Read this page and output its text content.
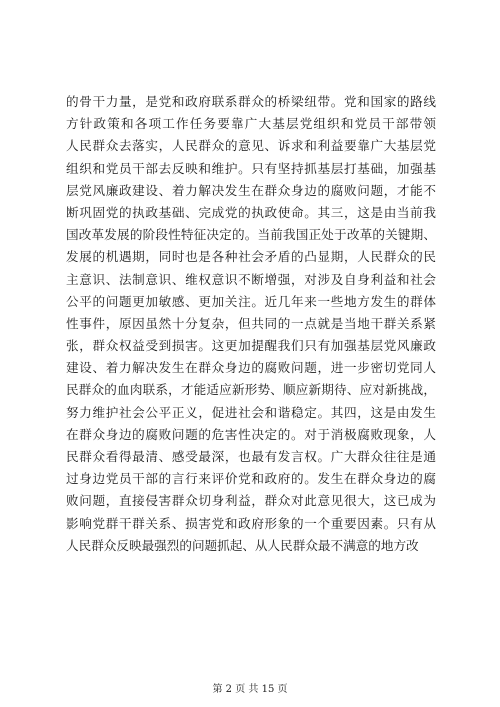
的骨干力量，是党和政府联系群众的桥梁纽带。党和国家的路线
方针政策和各项工作任务要靠广大基层党组织和党员干部带领
人民群众去落实，人民群众的意见、诉求和利益要靠广大基层党
组织和党员干部去反映和维护。只有坚持抓基层打基础，加强基
层党风廉政建设、着力解决发生在群众身边的腐败问题，才能不
断巩固党的执政基础、完成党的执政使命。其三，这是由当前我
国改革发展的阶段性特征决定的。当前我国正处于改革的关键期、
发展的机遇期，同时也是各种社会矛盾的凸显期，人民群众的民
主意识、法制意识、维权意识不断增强，对涉及自身利益和社会
公平的问题更加敏感、更加关注。近几年来一些地方发生的群体
性事件，原因虽然十分复杂，但共同的一点就是当地干群关系紧
张，群众权益受到损害。这更加提醒我们只有加强基层党风廉政
建设、着力解决发生在群众身边的腐败问题，进一步密切党同人
民群众的血肉联系，才能适应新形势、顺应新期待、应对新挑战，
努力维护社会公平正义，促进社会和谐稳定。其四，这是由发生
在群众身边的腐败问题的危害性决定的。对于消极腐败现象，人
民群众看得最清、感受最深，也最有发言权。广大群众往往是通
过身边党员干部的言行来评价党和政府的。发生在群众身边的腐
败问题，直接侵害群众切身利益，群众对此意见很大，这已成为
影响党群干群关系、损害党和政府形象的一个重要因素。只有从
人民群众反映最强烈的问题抓起、从人民群众最不满意的地方改
第 2 页 共 15 页
